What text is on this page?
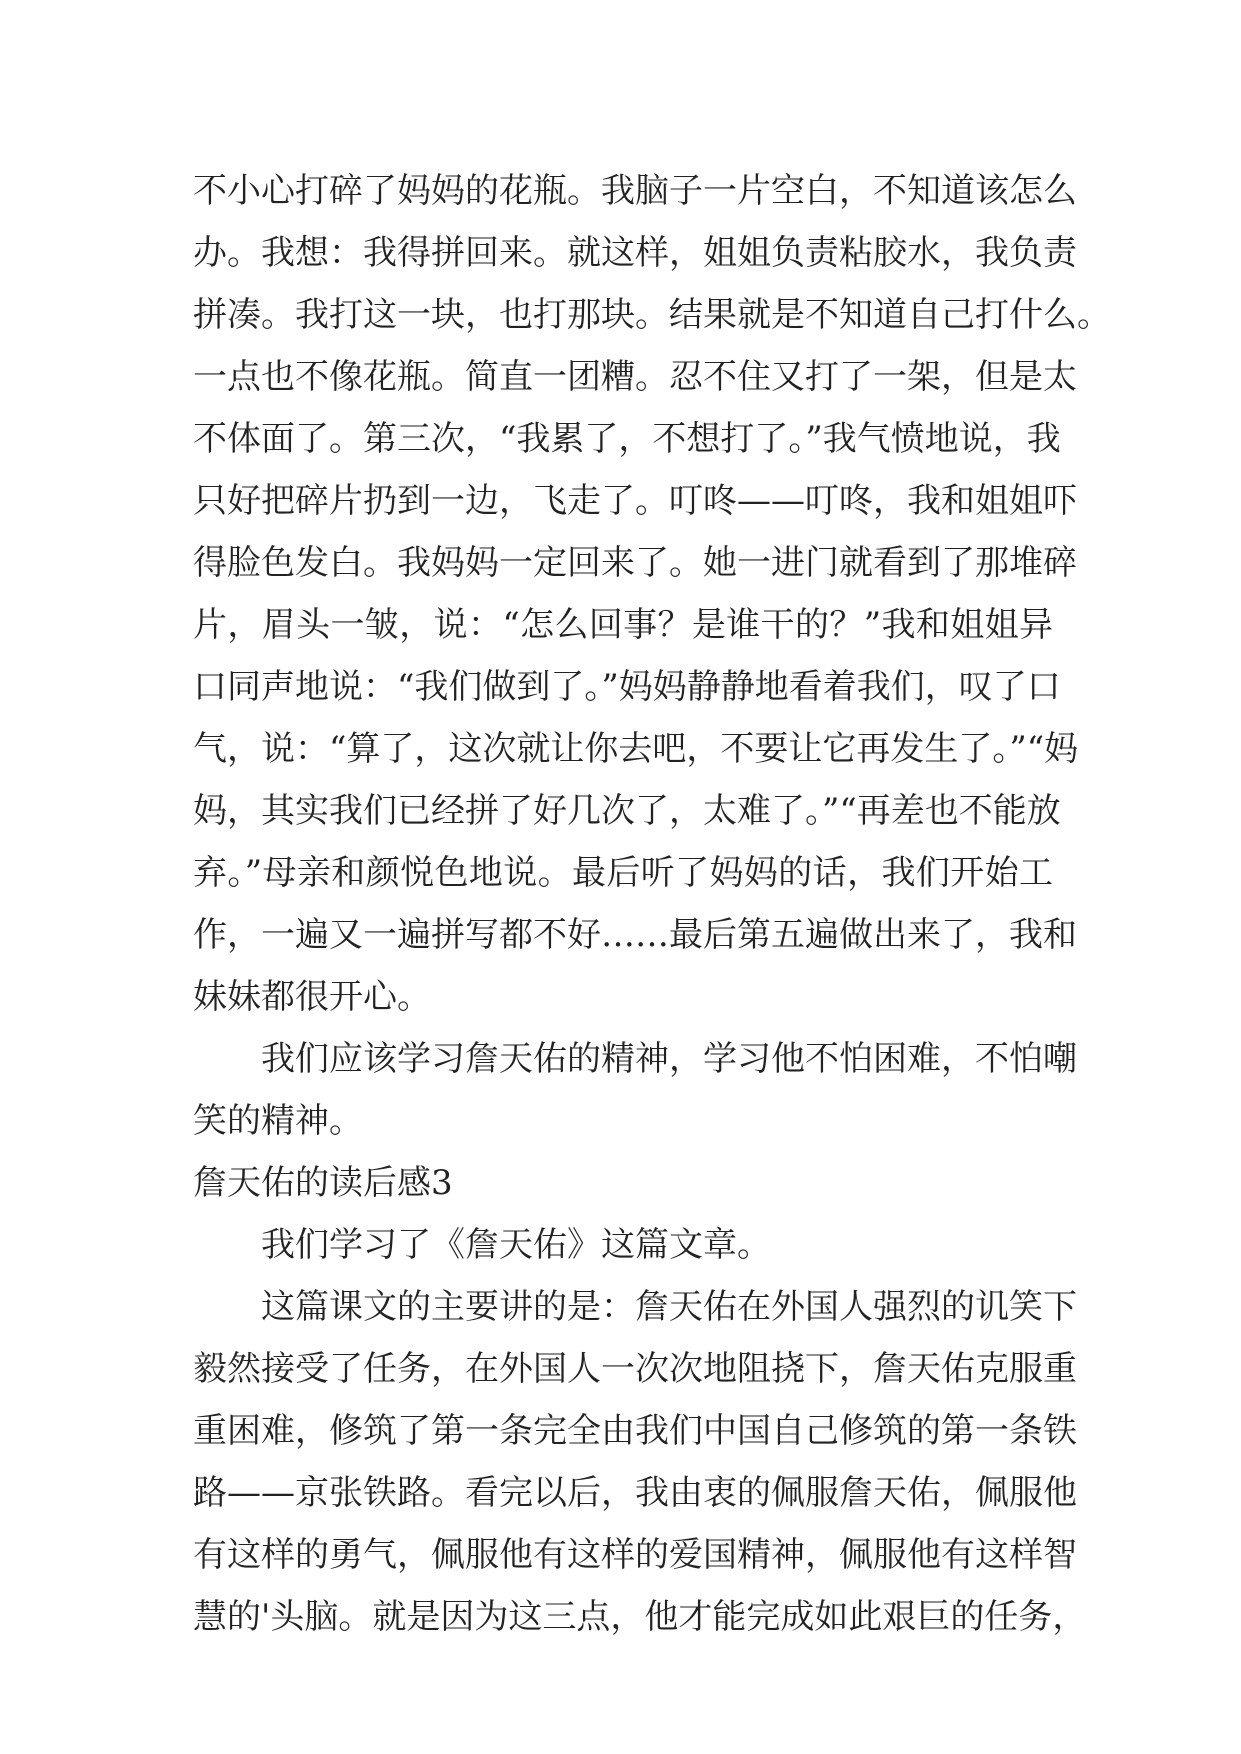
不小心打碎了妈妈的花瓶。我脑子一片空白，不知道该怎么
办。我想：我得拼回来。就这样，姐姐负责粘胶水，我负责
拼凑。我打这一块，也打那块。结果就是不知道自己打什么。
一点也不像花瓶。简直一团糟。忍不住又打了一架，但是太
不体面了。第三次，“我累了，不想打了。”我气愤地说，我
只好把碎片扔到一边，飞走了。叮咚——叮咚，我和姐姐吓
得脸色发白。我妈妈一定回来了。她一进门就看到了那堆碎
片，眉头一皱，说：“怎么回事？是谁干的？”我和姐姐异
口同声地说：“我们做到了。”妈妈静静地看着我们，叹了口
气，说：“算了，这次就让你去吧，不要让它再发生了。”“妈
妈，其实我们已经拼了好几次了，太难了。”“再差也不能放
弃。”母亲和颜悦色地说。最后听了妈妈的话，我们开始工
作，一遍又一遍拼写都不好……最后第五遍做出来了，我和
妹妹都很开心。
我们应该学习詹天佑的精神，学习他不怕困难，不怕嘲
笑的精神。
詹天佑的读后感3
我们学习了《詹天佑》这篇文章。
这篇课文的主要讲的是：詹天佑在外国人强烈的讥笑下
毅然接受了任务，在外国人一次次地阻挠下，詹天佑克服重
重困难，修筑了第一条完全由我们中国自己修筑的第一条铁
路——京张铁路。看完以后，我由衷的佩服詹天佑，佩服他
有这样的勇气，佩服他有这样的爱国精神，佩服他有这样智
慧的'头脑。就是因为这三点，他才能完成如此艰巨的任务，
